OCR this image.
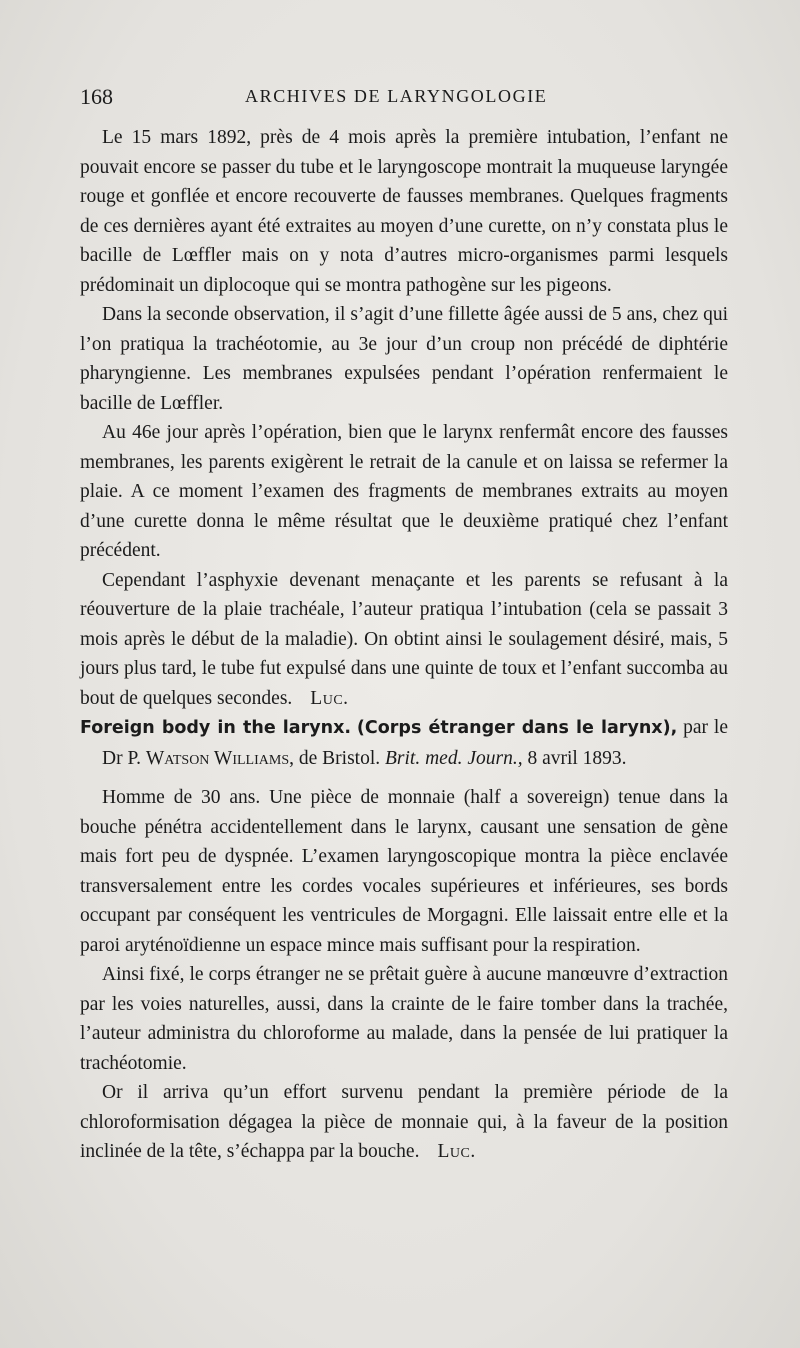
168	ARCHIVES DE LARYNGOLOGIE

Le 15 mars 1892, près de 4 mois après la première intubation, l’enfant ne pouvait encore se passer du tube et le laryngoscope montrait la muqueuse laryngée rouge et gonflée et encore recouverte de fausses membranes. Quelques fragments de ces dernières ayant été extraites au moyen d’une curette, on n’y constata plus le bacille de Lœffler mais on y nota d’autres micro-organismes parmi lesquels prédominait un diplocoque qui se montra pathogène sur les pigeons.

Dans la seconde observation, il s’agit d’une fillette âgée aussi de 5 ans, chez qui l’on pratiqua la trachéotomie, au 3e jour d’un croup non précédé de diphtérie pharyngienne. Les membranes expulsées pendant l’opération renfermaient le bacille de Lœffler.

Au 46e jour après l’opération, bien que le larynx renfermât encore des fausses membranes, les parents exigèrent le retrait de la canule et on laissa se refermer la plaie. A ce moment l’examen des fragments de membranes extraits au moyen d’une curette donna le même résultat que le deuxième pratiqué chez l’enfant précédent.

Cependant l’asphyxie devenant menaçante et les parents se refusant à la réouverture de la plaie trachéale, l’auteur pratiqua l’intubation (cela se passait 3 mois après le début de la maladie). On obtint ainsi le soulagement désiré, mais, 5 jours plus tard, le tube fut expulsé dans une quinte de toux et l’enfant succomba au bout de quelques secondes. Luc.

Foreign body in the larynx. (Corps étranger dans le larynx), par le Dr P. Watson Williams, de Bristol. Brit. med. Journ., 8 avril 1893.

Homme de 30 ans. Une pièce de monnaie (half a sovereign) tenue dans la bouche pénétra accidentellement dans le larynx, causant une sensation de gène mais fort peu de dyspnée. L’examen laryngoscopique montra la pièce enclavée transversalement entre les cordes vocales supérieures et inférieures, ses bords occupant par conséquent les ventricules de Morgagni. Elle laissait entre elle et la paroi aryténoïdienne un espace mince mais suffisant pour la respiration.

Ainsi fixé, le corps étranger ne se prêtait guère à aucune manœuvre d’extraction par les voies naturelles, aussi, dans la crainte de le faire tomber dans la trachée, l’auteur administra du chloroforme au malade, dans la pensée de lui pratiquer la trachéotomie.

Or il arriva qu’un effort survenu pendant la première période de la chloroformisation dégagea la pièce de monnaie qui, à la faveur de la position inclinée de la tête, s’échappa par la bouche. Luc.
